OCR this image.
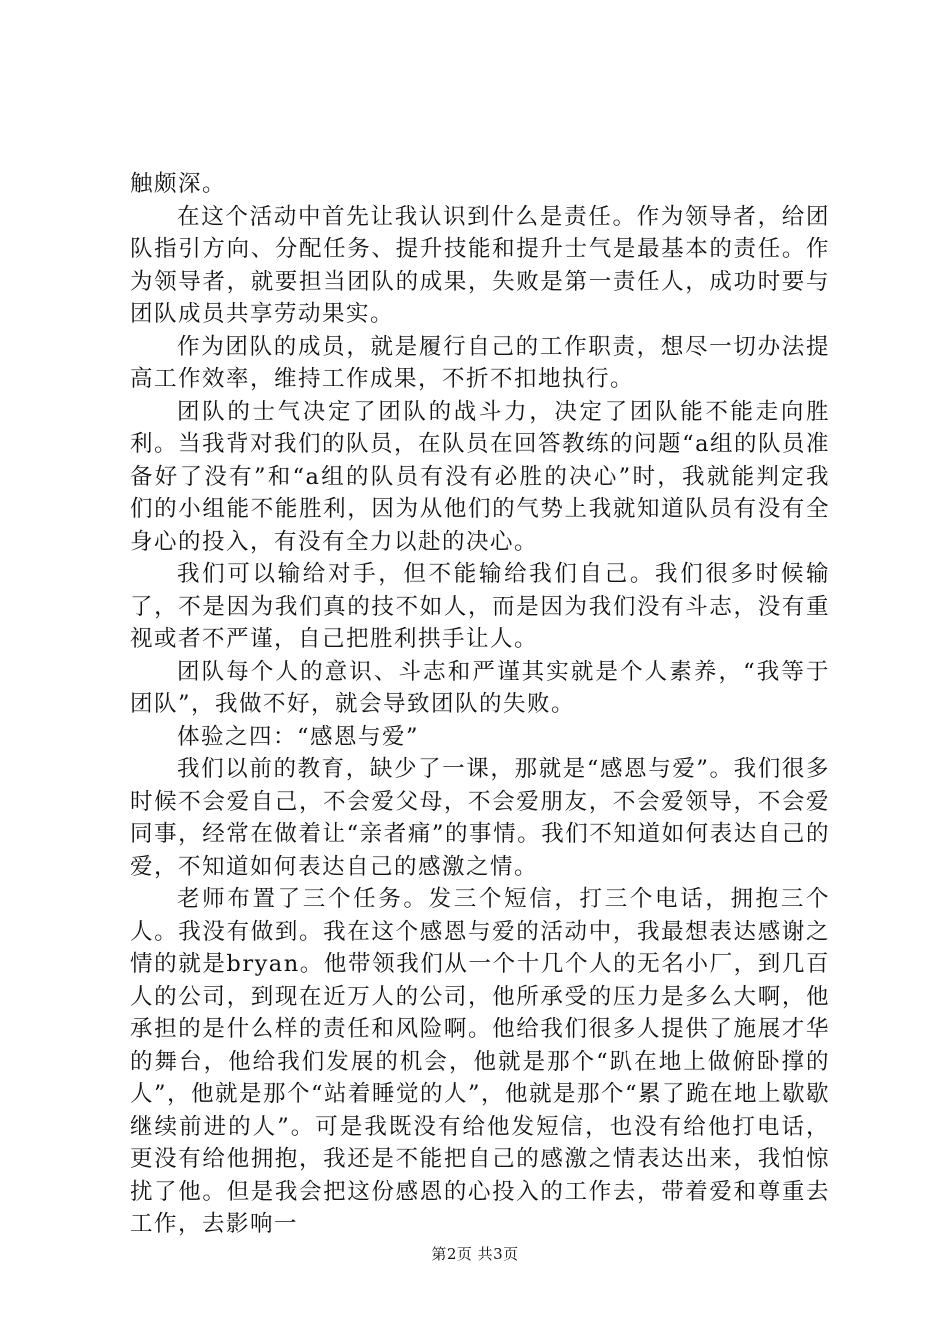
触颇深。

在这个活动中首先让我认识到什么是责任。作为领导者，给团队指引方向、分配任务、提升技能和提升士气是最基本的责任。作为领导者，就要担当团队的成果，失败是第一责任人，成功时要与团队成员共享劳动果实。

作为团队的成员，就是履行自己的工作职责，想尽一切办法提高工作效率，维持工作成果，不折不扣地执行。

团队的士气决定了团队的战斗力，决定了团队能不能走向胜利。当我背对我们的队员，在队员在回答教练的问题“a组的队员准备好了没有”和“a组的队员有没有必胜的决心”时，我就能判定我们的小组能不能胜利，因为从他们的气势上我就知道队员有没有全身心的投入，有没有全力以赴的决心。

我们可以输给对手，但不能输给我们自己。我们很多时候输了，不是因为我们真的技不如人，而是因为我们没有斗志，没有重视或者不严谨，自己把胜利拱手让人。

团队每个人的意识、斗志和严谨其实就是个人素养，“我等于团队”，我做不好，就会导致团队的失败。

体验之四：“感恩与爱”

我们以前的教育，缺少了一课，那就是“感恩与爱”。我们很多时候不会爱自己，不会爱父母，不会爱朋友，不会爱领导，不会爱同事，经常在做着让“亲者痛”的事情。我们不知道如何表达自己的爱，不知道如何表达自己的感激之情。

老师布置了三个任务。发三个短信，打三个电话，拥抱三个人。我没有做到。我在这个感恩与爱的活动中，我最想表达感谢之情的就是bryan。他带领我们从一个十几个人的无名小厂，到几百人的公司，到现在近万人的公司，他所承受的压力是多么大啊，他承担的是什么样的责任和风险啊。他给我们很多人提供了施展才华的舞台，他给我们发展的机会，他就是那个“趴在地上做俯卧撑的人”，他就是那个“站着睡觉的人”，他就是那个“累了跪在地上歇歇继续前进的人”。可是我既没有给他发短信，也没有给他打电话，更没有给他拥抱，我还是不能把自己的感激之情表达出来，我怕惊扰了他。但是我会把这份感恩的心投入的工作去，带着爱和尊重去工作，去影响一

第2页 共3页
